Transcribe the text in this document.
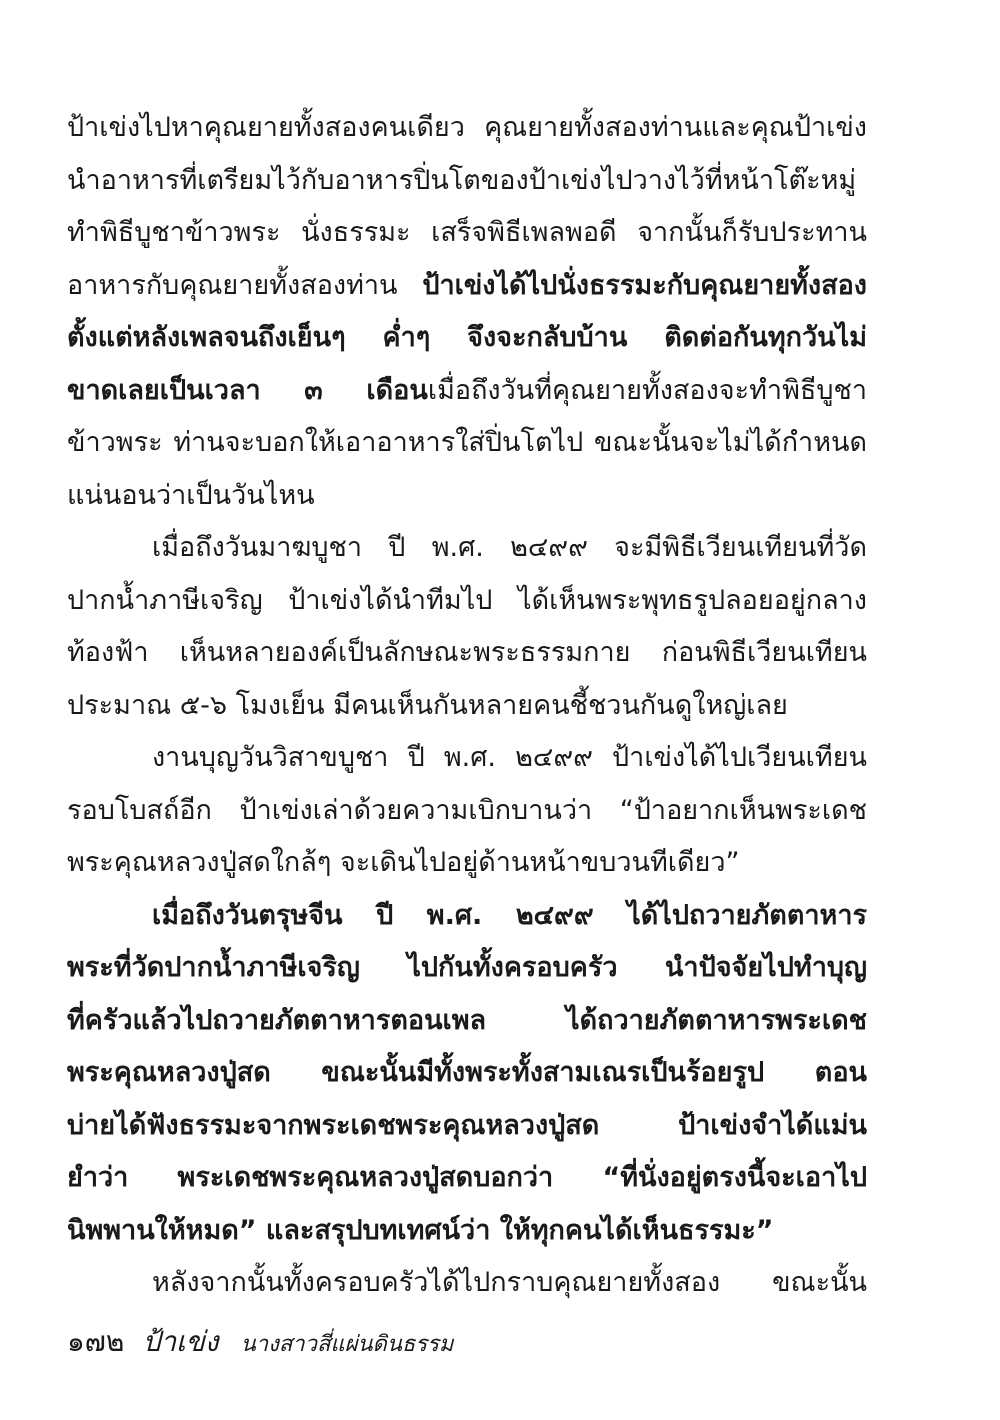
ป้าเข่งไปหาคุณยายทั้งสองคนเดียว คุณยายทั้งสองท่านและคุณป้าเข่ง
นำอาหารที่เตรียมไว้กับอาหารปิ่นโตของป้าเข่งไปวางไว้ที่หน้าโต๊ะหมู่
ทำพิธีบูชาข้าวพระ นั่งธรรมะ เสร็จพิธีเพลพอดี จากนั้นก็รับประทาน
อาหารกับคุณยายทั้งสองท่าน ป้าเข่งได้ไปนั่งธรรมะกับคุณยายทั้งสอง
ตั้งแต่หลังเพลจนถึงเย็นๆ ค่ำๆ จึงจะกลับบ้าน ติดต่อกันทุกวันไม่
ขาดเลยเป็นเวลา ๓ เดือนเมื่อถึงวันที่คุณยายทั้งสองจะทำพิธีบูชา
ข้าวพระ ท่านจะบอกให้เอาอาหารใส่ปิ่นโตไป ขณะนั้นจะไม่ได้กำหนด
แน่นอนว่าเป็นวันไหน
เมื่อถึงวันมาฆบูชา ปี พ.ศ. ๒๔๙๙ จะมีพิธีเวียนเทียนที่วัด
ปากน้ำภาษีเจริญ ป้าเข่งได้นำทีมไป ได้เห็นพระพุทธรูปลอยอยู่กลาง
ท้องฟ้า เห็นหลายองค์เป็นลักษณะพระธรรมกาย ก่อนพิธีเวียนเทียน
ประมาณ ๕-๖ โมงเย็น มีคนเห็นกันหลายคนชี้ชวนกันดูใหญ่เลย
งานบุญวันวิสาขบูชา ปี พ.ศ. ๒๔๙๙ ป้าเข่งได้ไปเวียนเทียน
รอบโบสถ์อีก ป้าเข่งเล่าด้วยความเบิกบานว่า “ป้าอยากเห็นพระเดช
พระคุณหลวงปู่สดใกล้ๆ จะเดินไปอยู่ด้านหน้าขบวนทีเดียว”
เมื่อถึงวันตรุษจีน ปี พ.ศ. ๒๔๙๙ ได้ไปถวายภัตตาหาร
พระที่วัดปากน้ำภาษีเจริญ ไปกันทั้งครอบครัว นำปัจจัยไปทำบุญ
ที่ครัวแล้วไปถวายภัตตาหารตอนเพล ได้ถวายภัตตาหารพระเดช
พระคุณหลวงปู่สด ขณะนั้นมีทั้งพระทั้งสามเณรเป็นร้อยรูป ตอน
บ่ายได้ฟังธรรมะจากพระเดชพระคุณหลวงปู่สด ป้าเข่งจำได้แม่น
ยำว่า พระเดชพระคุณหลวงปู่สดบอกว่า “ที่นั่งอยู่ตรงนี้จะเอาไป
นิพพานให้หมด” และสรุปบทเทศน์ว่า ให้ทุกคนได้เห็นธรรมะ”
หลังจากนั้นทั้งครอบครัวได้ไปกราบคุณยายทั้งสอง ขณะนั้น
๑๗๒ ป้าเข่ง นางสาวสี่แผ่นดินธรรม
